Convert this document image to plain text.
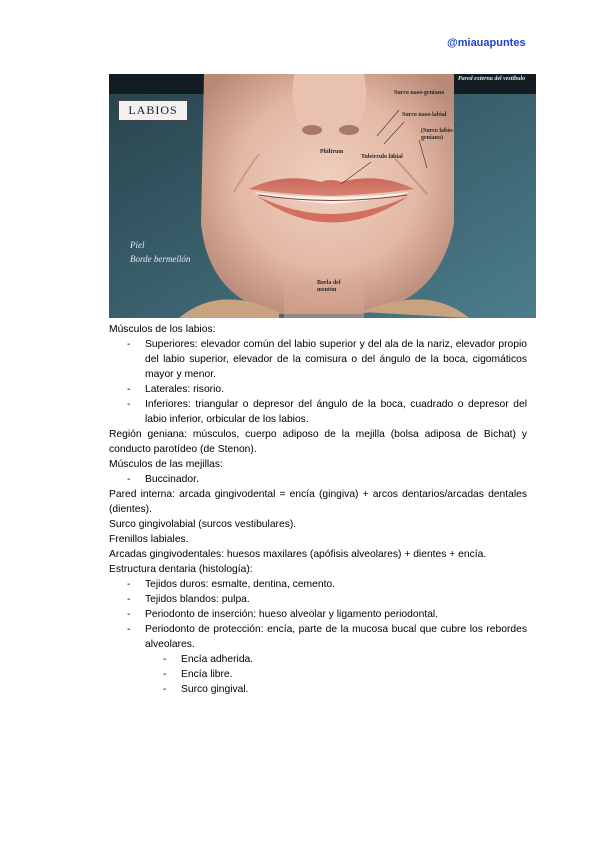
@miauapuntes
LABIOS
Pared externa del vestíbulo
Surco naso-geniano
Surco naso-labial
(Surco labio-geniano)
Philtrum
Tubérculo labial
Borla del mentón
Piel
Borde bermellón

Músculos de los labios:

- Superiores: elevador común del labio superior y del ala de la nariz, elevador propio del labio superior, elevador de la comisura o del ángulo de la boca, cigomáticos mayor y menor.
- Laterales: risorio.
- Inferiores: triangular o depresor del ángulo de la boca, cuadrado o depresor del labio inferior, orbicular de los labios.

Región geniana: músculos, cuerpo adiposo de la mejilla (bolsa adiposa de Bichat) y conducto parotídeo (de Stenon).

Músculos de las mejillas:

- Buccinador.

Pared interna: arcada gingivodental = encía (gingiva) + arcos dentarios/arcadas dentales (dientes).

Surco gingivolabial (surcos vestibulares).

Frenillos labiales.

Arcadas gingivodentales: huesos maxilares (apófisis alveolares) + dientes + encía.

Estructura dentaria (histología):

- Tejidos duros: esmalte, dentina, cemento.
- Tejidos blandos: pulpa.
- Periodonto de inserción: hueso alveolar y ligamento periodontal.
- Periodonto de protección: encía, parte de la mucosa bucal que cubre los rebordes alveolares.
- Encía adherida.
- Encía libre.
- Surco gingival.
